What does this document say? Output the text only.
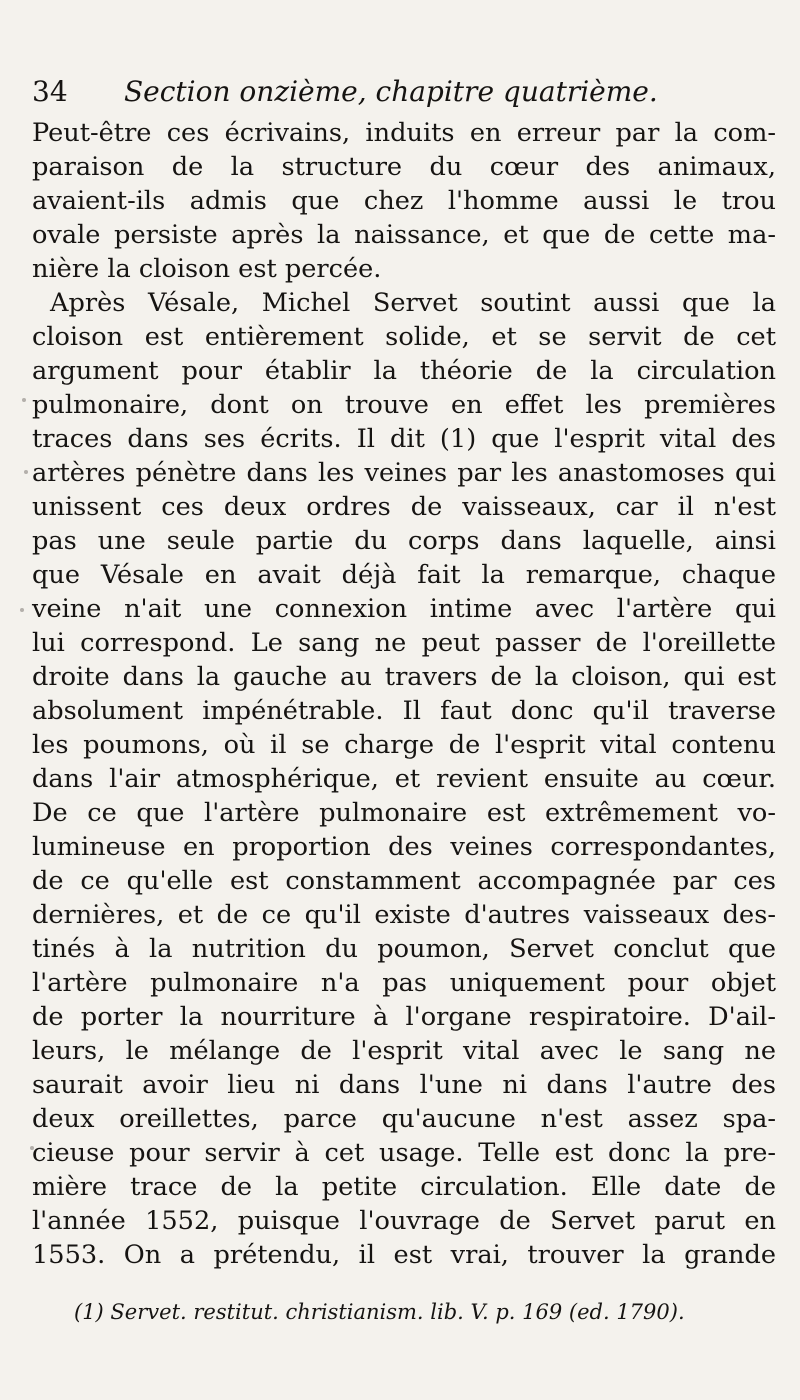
34 Section onzième, chapitre quatrième.
Peut-être ces écrivains, induits en erreur par la com-
paraison de la structure du cœur des animaux,
avaient-ils admis que chez l'homme aussi le trou
ovale persiste après la naissance, et que de cette ma-
nière la cloison est percée.
Après Vésale, Michel Servet soutint aussi que la
cloison est entièrement solide, et se servit de cet
argument pour établir la théorie de la circulation
pulmonaire, dont on trouve en effet les premières
traces dans ses écrits. Il dit (1) que l'esprit vital des
artères pénètre dans les veines par les anastomoses qui
unissent ces deux ordres de vaisseaux, car il n'est
pas une seule partie du corps dans laquelle, ainsi
que Vésale en avait déjà fait la remarque, chaque
veine n'ait une connexion intime avec l'artère qui
lui correspond. Le sang ne peut passer de l'oreillette
droite dans la gauche au travers de la cloison, qui est
absolument impénétrable. Il faut donc qu'il traverse
les poumons, où il se charge de l'esprit vital contenu
dans l'air atmosphérique, et revient ensuite au cœur.
De ce que l'artère pulmonaire est extrêmement vo-
lumineuse en proportion des veines correspondantes,
de ce qu'elle est constamment accompagnée par ces
dernières, et de ce qu'il existe d'autres vaisseaux des-
tinés à la nutrition du poumon, Servet conclut que
l'artère pulmonaire n'a pas uniquement pour objet
de porter la nourriture à l'organe respiratoire. D'ail-
leurs, le mélange de l'esprit vital avec le sang ne
saurait avoir lieu ni dans l'une ni dans l'autre des
deux oreillettes, parce qu'aucune n'est assez spa-
cieuse pour servir à cet usage. Telle est donc la pre-
mière trace de la petite circulation. Elle date de
l'année 1552, puisque l'ouvrage de Servet parut en
1553. On a prétendu, il est vrai, trouver la grande
(1) Servet. restitut. christianism. lib. V. p. 169 (ed. 1790).
